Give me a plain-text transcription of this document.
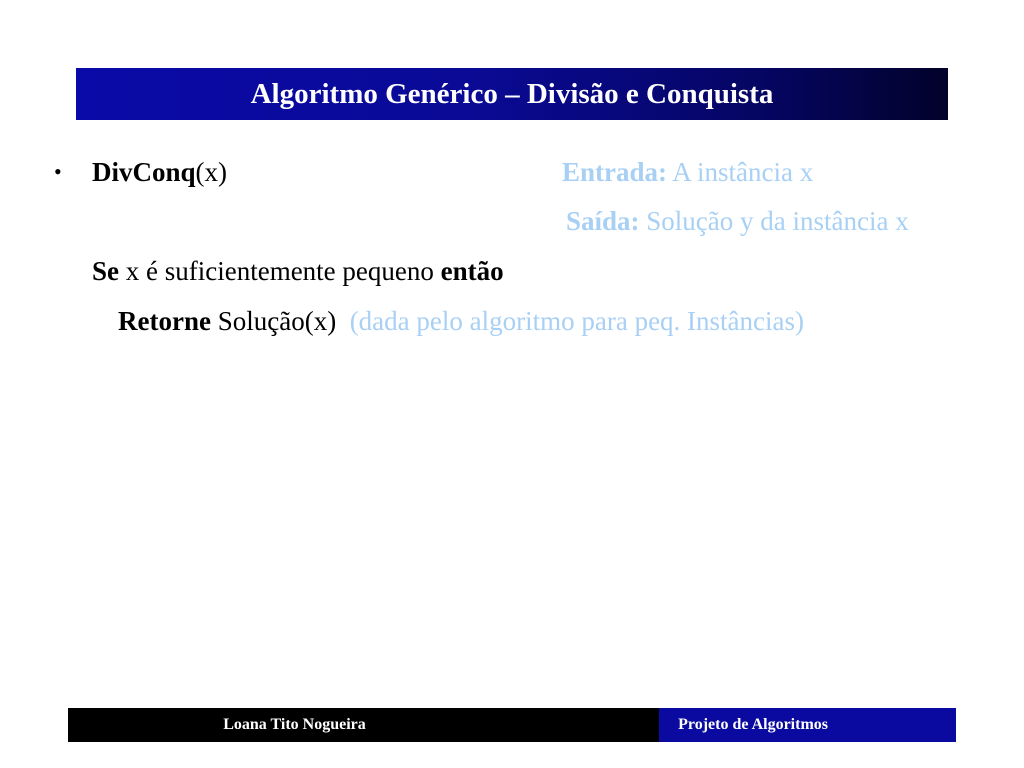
Algoritmo Genérico – Divisão e Conquista
• DivConq(x)	Entrada: A instância x
Saída: Solução y da instância x
Se x é suficientemente pequeno então
Retorne Solução(x) (dada pelo algoritmo para peq. Instâncias)
Loana Tito Nogueira	Projeto de Algoritmos
